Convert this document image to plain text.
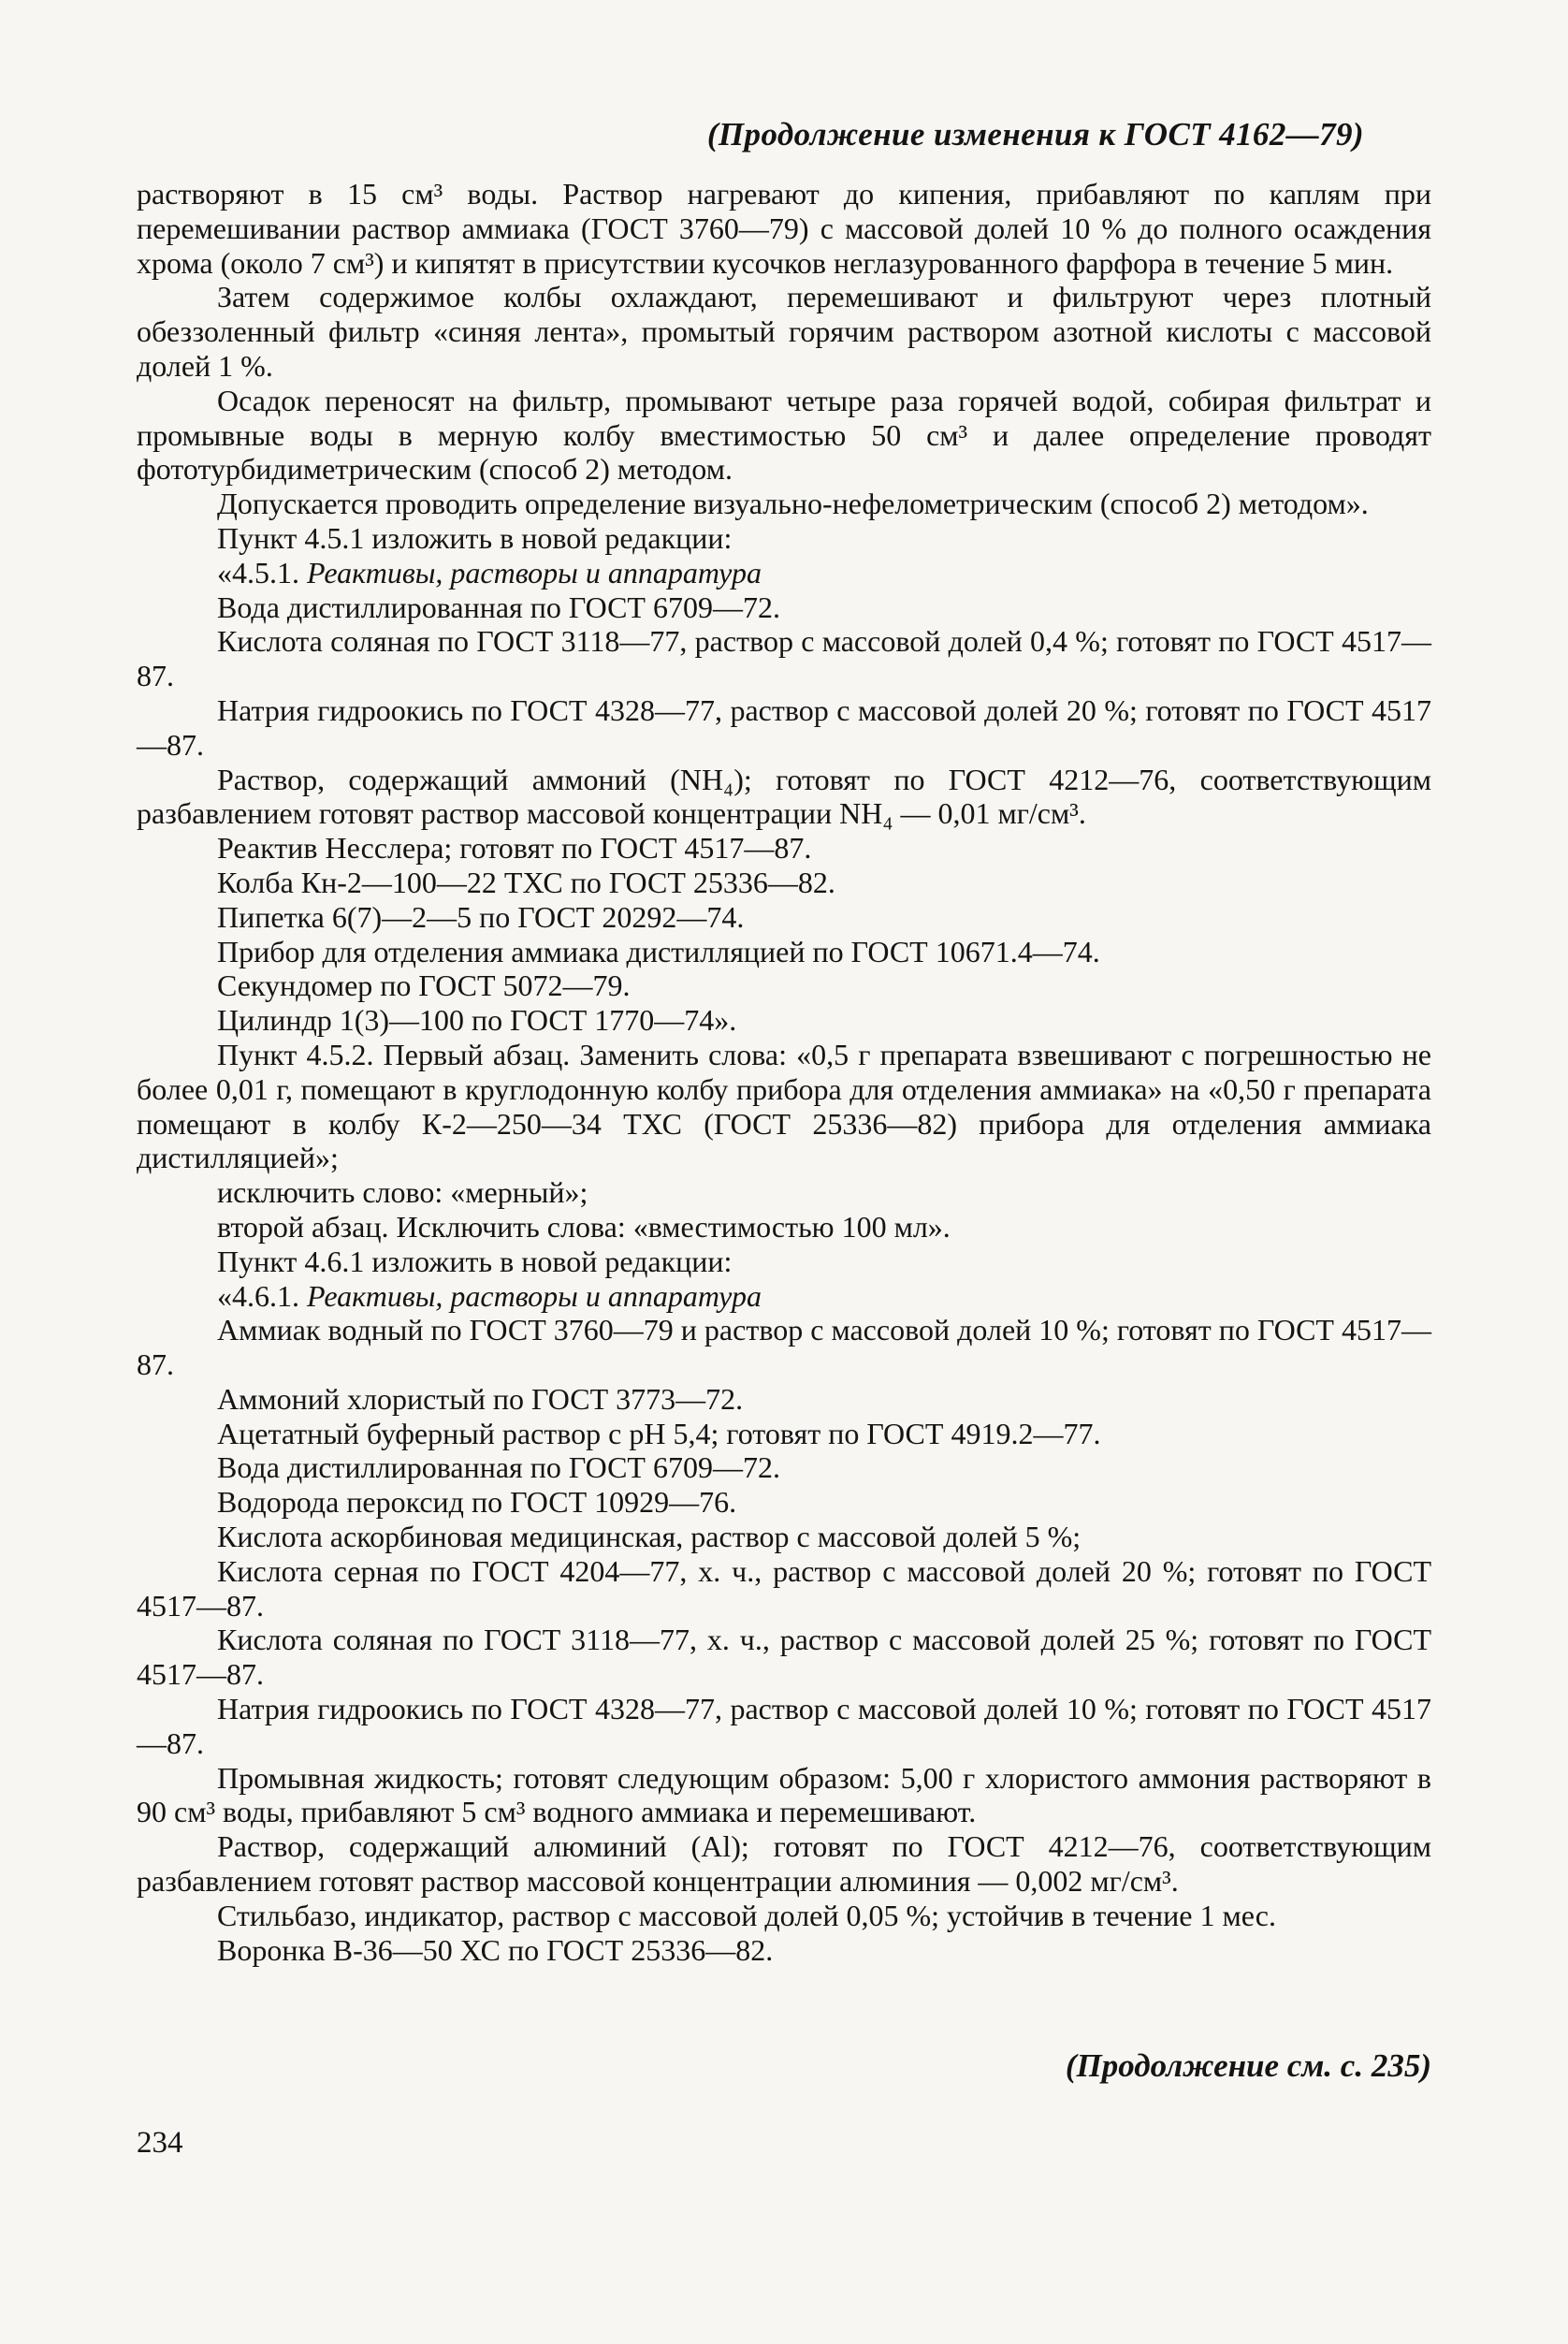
(Продолжение изменения к ГОСТ 4162—79)

растворяют в 15 см³ воды. Раствор нагревают до кипения, прибавляют по каплям при перемешивании раствор аммиака (ГОСТ 3760—79) с массовой долей 10 % до полного осаждения хрома (около 7 см³) и кипятят в присутствии кусочков неглазурованного фарфора в течение 5 мин.

Затем содержимое колбы охлаждают, перемешивают и фильтруют через плотный обеззоленный фильтр «синяя лента», промытый горячим раствором азотной кислоты с массовой долей 1 %.

Осадок переносят на фильтр, промывают четыре раза горячей водой, собирая фильтрат и промывные воды в мерную колбу вместимостью 50 см³ и далее определение проводят фототурбидиметрическим (способ 2) методом.

Допускается проводить определение визуально-нефелометрическим (способ 2) методом».

Пункт 4.5.1 изложить в новой редакции:

«4.5.1. Реактивы, растворы и аппаратура

Вода дистиллированная по ГОСТ 6709—72.

Кислота соляная по ГОСТ 3118—77, раствор с массовой долей 0,4 %; готовят по ГОСТ 4517—87.

Натрия гидроокись по ГОСТ 4328—77, раствор с массовой долей 20 %; готовят по ГОСТ 4517—87.

Раствор, содержащий аммоний (NH₄); готовят по ГОСТ 4212—76, соответствующим разбавлением готовят раствор массовой концентрации NH₄ — 0,01 мг/см³.

Реактив Несслера; готовят по ГОСТ 4517—87.

Колба Кн-2—100—22 ТХС по ГОСТ 25336—82.

Пипетка 6(7)—2—5 по ГОСТ 20292—74.

Прибор для отделения аммиака дистилляцией по ГОСТ 10671.4—74.

Секундомер по ГОСТ 5072—79.

Цилиндр 1(3)—100 по ГОСТ 1770—74».

Пункт 4.5.2. Первый абзац. Заменить слова: «0,5 г препарата взвешивают с погрешностью не более 0,01 г, помещают в круглодонную колбу прибора для отделения аммиака» на «0,50 г препарата помещают в колбу К-2—250—34 ТХС (ГОСТ 25336—82) прибора для отделения аммиака дистилляцией»;

исключить слово: «мерный»;

второй абзац. Исключить слова: «вместимостью 100 мл».

Пункт 4.6.1 изложить в новой редакции:

«4.6.1. Реактивы, растворы и аппаратура

Аммиак водный по ГОСТ 3760—79 и раствор с массовой долей 10 %; готовят по ГОСТ 4517—87.

Аммоний хлористый по ГОСТ 3773—72.

Ацетатный буферный раствор с pH 5,4; готовят по ГОСТ 4919.2—77.

Вода дистиллированная по ГОСТ 6709—72.

Водорода пероксид по ГОСТ 10929—76.

Кислота аскорбиновая медицинская, раствор с массовой долей 5 %;

Кислота серная по ГОСТ 4204—77, х. ч., раствор с массовой долей 20 %; готовят по ГОСТ 4517—87.

Кислота соляная по ГОСТ 3118—77, х. ч., раствор с массовой долей 25 %; готовят по ГОСТ 4517—87.

Натрия гидроокись по ГОСТ 4328—77, раствор с массовой долей 10 %; готовят по ГОСТ 4517—87.

Промывная жидкость; готовят следующим образом: 5,00 г хлористого аммония растворяют в 90 см³ воды, прибавляют 5 см³ водного аммиака и перемешивают.

Раствор, содержащий алюминий (Al); готовят по ГОСТ 4212—76, соответствующим разбавлением готовят раствор массовой концентрации алюминия — 0,002 мг/см³.

Стильбазо, индикатор, раствор с массовой долей 0,05 %; устойчив в течение 1 мес.

Воронка В-36—50 ХС по ГОСТ 25336—82.

(Продолжение см. с. 235)
234
